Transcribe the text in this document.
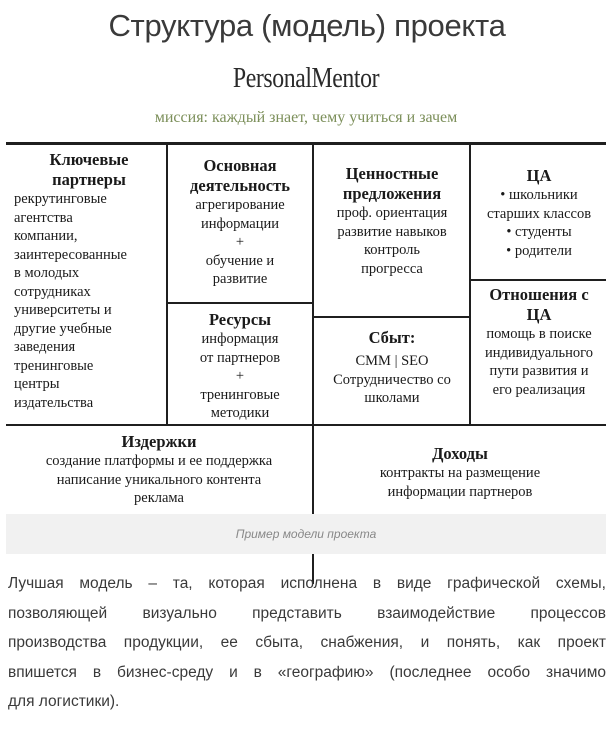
Структура (модель) проекта
PersonalMentor
миссия: каждый знает, чему учиться и зачем
Ключевые
партнеры
рекрутинговые
агентства
компании,
заинтересованные
в молодых
сотрудниках
университеты и
другие учебные
заведения
тренинговые
центры
издательства
Основная
деятельность
агрегирование
информации
+
обучение и
развитие
Ресурсы
информация
от партнеров
+
тренинговые
методики
Ценностные
предложения
проф. ориентация
развитие навыков
контроль
прогресса
Сбыт:
СММ | SEO
Сотрудничество со
школами
ЦА
• школьники
старших классов
• студенты
• родители
Отношения с
ЦА
помощь в поиске
индивидуального
пути развития и
его реализация
Издержки
создание платформы и ее поддержка
написание уникального контента
реклама
Доходы
контракты на размещение
информации партнеров
Пример модели проекта
Лучшая модель – та, которая исполнена в виде графической схемы,
позволяющей визуально представить взаимодействие процессов
производства продукции, ее сбыта, снабжения, и понять, как проект
впишется в бизнес-среду и в «географию» (последнее особо значимо
для логистики).
